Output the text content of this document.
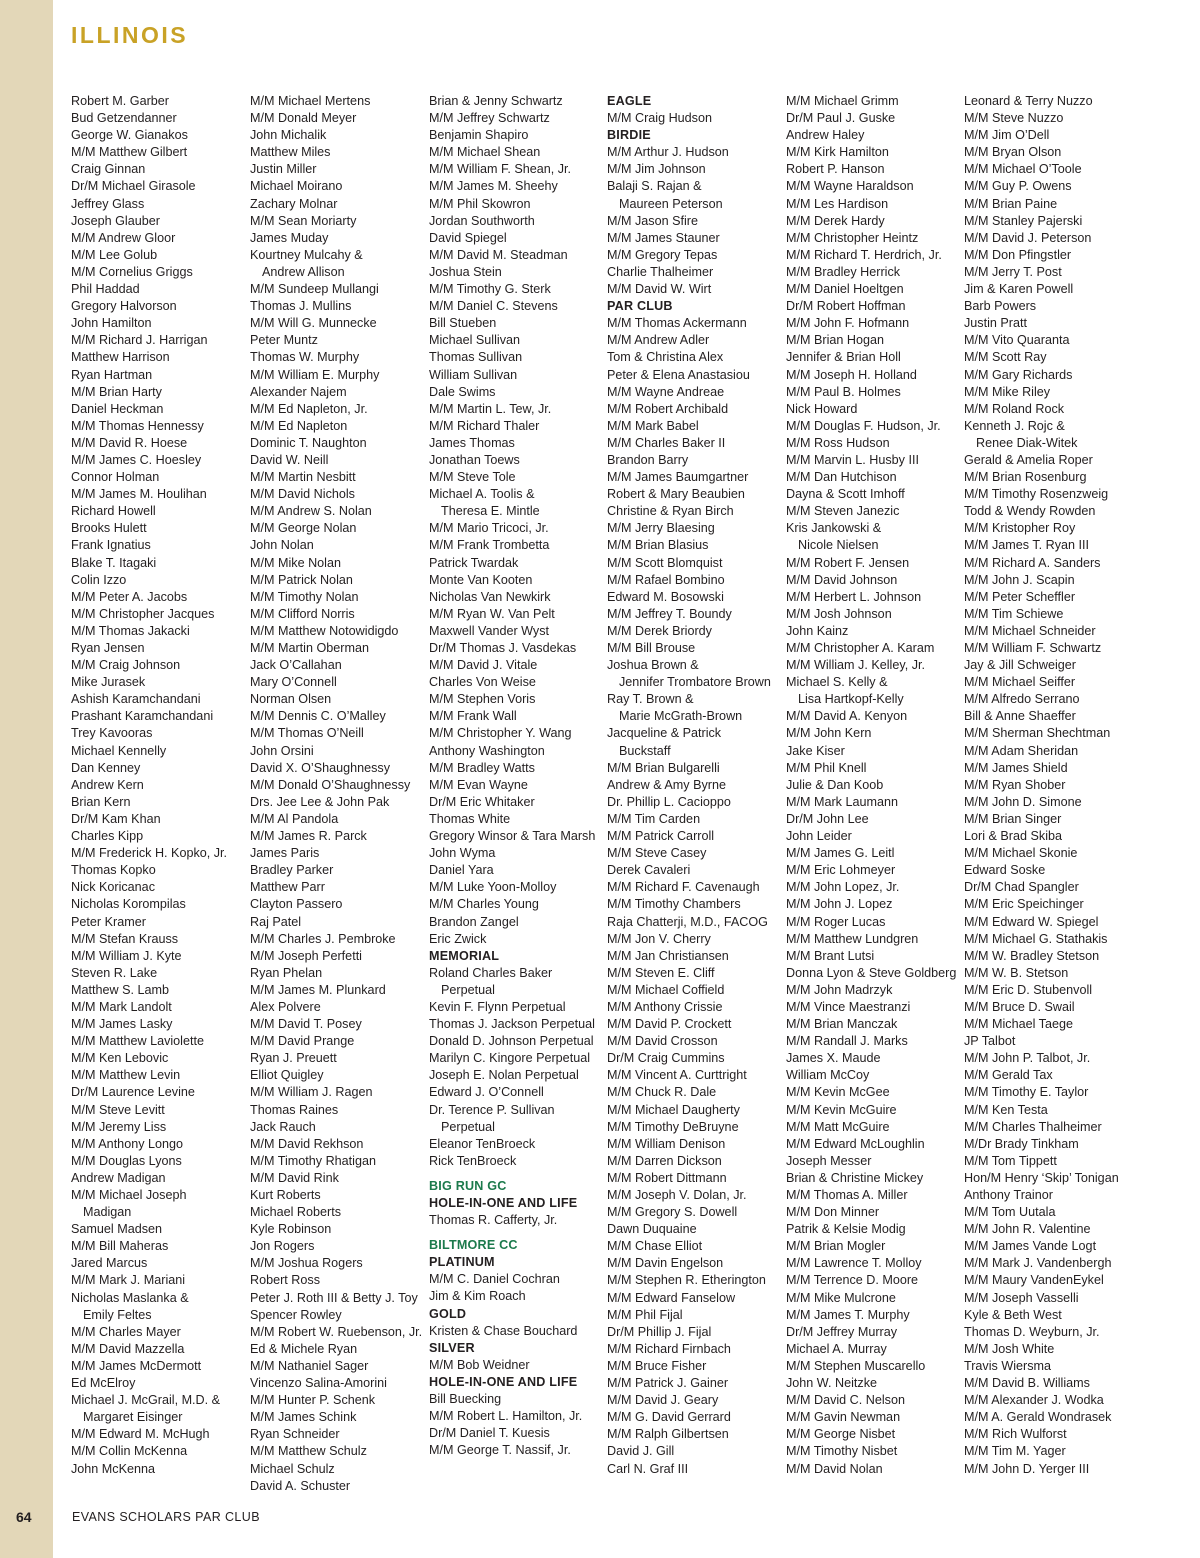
ILLINOIS
Robert M. Garber
Bud Getzendanner
George W. Gianakos
M/M Matthew Gilbert
Craig Ginnan
Dr/M Michael Girasole
Jeffrey Glass
Joseph Glauber
M/M Andrew Gloor
M/M Lee Golub
M/M Cornelius Griggs
Phil Haddad
Gregory Halvorson
John Hamilton
M/M Richard J. Harrigan
Matthew Harrison
Ryan Hartman
M/M Brian Harty
Daniel Heckman
M/M Thomas Hennessy
M/M David R. Hoese
M/M James C. Hoesley
Connor Holman
M/M James M. Houlihan
Richard Howell
Brooks Hulett
Frank Ignatius
Blake T. Itagaki
Colin Izzo
M/M Peter A. Jacobs
M/M Christopher Jacques
M/M Thomas Jakacki
Ryan Jensen
M/M Craig Johnson
Mike Jurasek
Ashish Karamchandani
Prashant Karamchandani
Trey Kavooras
Michael Kennelly
Dan Kenney
Andrew Kern
Brian Kern
Dr/M Kam Khan
Charles Kipp
M/M Frederick H. Kopko, Jr.
Thomas Kopko
Nick Koricanac
Nicholas Korompilas
Peter Kramer
M/M Stefan Krauss
M/M William J. Kyte
Steven R. Lake
Matthew S. Lamb
M/M Mark Landolt
M/M James Lasky
M/M Matthew Laviolette
M/M Ken Lebovic
M/M Matthew Levin
Dr/M Laurence Levine
M/M Steve Levitt
M/M Jeremy Liss
M/M Anthony Longo
M/M Douglas Lyons
Andrew Madigan
M/M Michael Joseph
Madigan
Samuel Madsen
M/M Bill Maheras
Jared Marcus
M/M Mark J. Mariani
Nicholas Maslanka &
Emily Feltes
M/M Charles Mayer
M/M David Mazzella
M/M James McDermott
Ed McElroy
Michael J. McGrail, M.D. &
Margaret Eisinger
M/M Edward M. McHugh
M/M Collin McKenna
John McKenna
M/M Michael Mertens
M/M Donald Meyer
John Michalik
Matthew Miles
Justin Miller
Michael Moirano
Zachary Molnar
M/M Sean Moriarty
James Muday
Kourtney Mulcahy &
Andrew Allison
M/M Sundeep Mullangi
Thomas J. Mullins
M/M Will G. Munnecke
Peter Muntz
Thomas W. Murphy
M/M William E. Murphy
Alexander Najem
M/M Ed Napleton, Jr.
M/M Ed Napleton
Dominic T. Naughton
David W. Neill
M/M Martin Nesbitt
M/M David Nichols
M/M Andrew S. Nolan
M/M George Nolan
John Nolan
M/M Mike Nolan
M/M Patrick Nolan
M/M Timothy Nolan
M/M Clifford Norris
M/M Matthew Notowidigdo
M/M Martin Oberman
Jack O’Callahan
Mary O’Connell
Norman Olsen
M/M Dennis C. O’Malley
M/M Thomas O’Neill
John Orsini
David X. O’Shaughnessy
M/M Donald O’Shaughnessy
Drs. Jee Lee & John Pak
M/M Al Pandola
M/M James R. Parck
James Paris
Bradley Parker
Matthew Parr
Clayton Passero
Raj Patel
M/M Charles J. Pembroke
M/M Joseph Perfetti
Ryan Phelan
M/M James M. Plunkard
Alex Polvere
M/M David T. Posey
M/M David Prange
Ryan J. Preuett
Elliot Quigley
M/M William J. Ragen
Thomas Raines
Jack Rauch
M/M David Rekhson
M/M Timothy Rhatigan
M/M David Rink
Kurt Roberts
Michael Roberts
Kyle Robinson
Jon Rogers
M/M Joshua Rogers
Robert Ross
Peter J. Roth III & Betty J. Toy
Spencer Rowley
M/M Robert W. Ruebenson, Jr.
Ed & Michele Ryan
M/M Nathaniel Sager
Vincenzo Salina-Amorini
M/M Hunter P. Schenk
M/M James Schink
Ryan Schneider
M/M Matthew Schulz
Michael Schulz
David A. Schuster
Brian & Jenny Schwartz
M/M Jeffrey Schwartz
Benjamin Shapiro
M/M Michael Shean
M/M William F. Shean, Jr.
M/M James M. Sheehy
M/M Phil Skowron
Jordan Southworth
David Spiegel
M/M David M. Steadman
Joshua Stein
M/M Timothy G. Sterk
M/M Daniel C. Stevens
Bill Stueben
Michael Sullivan
Thomas Sullivan
William Sullivan
Dale Swims
M/M Martin L. Tew, Jr.
M/M Richard Thaler
James Thomas
Jonathan Toews
M/M Steve Tole
Michael A. Toolis &
Theresa E. Mintle
M/M Mario Tricoci, Jr.
M/M Frank Trombetta
Patrick Twardak
Monte Van Kooten
Nicholas Van Newkirk
M/M Ryan W. Van Pelt
Maxwell Vander Wyst
Dr/M Thomas J. Vasdekas
M/M David J. Vitale
Charles Von Weise
M/M Stephen Voris
M/M Frank Wall
M/M Christopher Y. Wang
Anthony Washington
M/M Bradley Watts
M/M Evan Wayne
Dr/M Eric Whitaker
Thomas White
Gregory Winsor & Tara Marsh
John Wyma
Daniel Yara
M/M Luke Yoon-Molloy
M/M Charles Young
Brandon Zangel
Eric Zwick
MEMORIAL
Roland Charles Baker
Perpetual
Kevin F. Flynn Perpetual
Thomas J. Jackson Perpetual
Donald D. Johnson Perpetual
Marilyn C. Kingore Perpetual
Joseph E. Nolan Perpetual
Edward J. O’Connell
Dr. Terence P. Sullivan
Perpetual
Eleanor TenBroeck
Rick TenBroeck
BIG RUN GC
HOLE-IN-ONE AND LIFE
Thomas R. Cafferty, Jr.
BILTMORE CC
PLATINUM
M/M C. Daniel Cochran
Jim & Kim Roach
GOLD
Kristen & Chase Bouchard
SILVER
M/M Bob Weidner
HOLE-IN-ONE AND LIFE
Bill Buecking
M/M Robert L. Hamilton, Jr.
Dr/M Daniel T. Kuesis
M/M George T. Nassif, Jr.
EAGLE
M/M Craig Hudson
BIRDIE
M/M Arthur J. Hudson
M/M Jim Johnson
Balaji S. Rajan &
Maureen Peterson
M/M Jason Sfire
M/M James Stauner
M/M Gregory Tepas
Charlie Thalheimer
M/M David W. Wirt
PAR CLUB
M/M Thomas Ackermann
M/M Andrew Adler
Tom & Christina Alex
Peter & Elena Anastasiou
M/M Wayne Andreae
M/M Robert Archibald
M/M Mark Babel
M/M Charles Baker II
Brandon Barry
M/M James Baumgartner
Robert & Mary Beaubien
Christine & Ryan Birch
M/M Jerry Blaesing
M/M Brian Blasius
M/M Scott Blomquist
M/M Rafael Bombino
Edward M. Bosowski
M/M Jeffrey T. Boundy
M/M Derek Briordy
M/M Bill Brouse
Joshua Brown &
Jennifer Trombatore Brown
Ray T. Brown &
Marie McGrath-Brown
Jacqueline & Patrick
Buckstaff
M/M Brian Bulgarelli
Andrew & Amy Byrne
Dr. Phillip L. Cacioppo
M/M Tim Carden
M/M Patrick Carroll
M/M Steve Casey
Derek Cavaleri
M/M Richard F. Cavenaugh
M/M Timothy Chambers
Raja Chatterji, M.D., FACOG
M/M Jon V. Cherry
M/M Jan Christiansen
M/M Steven E. Cliff
M/M Michael Coffield
M/M Anthony Crissie
M/M David P. Crockett
M/M David Crosson
Dr/M Craig Cummins
M/M Vincent A. Curttright
M/M Chuck R. Dale
M/M Michael Daugherty
M/M Timothy DeBruyne
M/M William Denison
M/M Darren Dickson
M/M Robert Dittmann
M/M Joseph V. Dolan, Jr.
M/M Gregory S. Dowell
Dawn Duquaine
M/M Chase Elliot
M/M Davin Engelson
M/M Stephen R. Etherington
M/M Edward Fanselow
M/M Phil Fijal
Dr/M Phillip J. Fijal
M/M Richard Firnbach
M/M Bruce Fisher
M/M Patrick J. Gainer
M/M David J. Geary
M/M G. David Gerrard
M/M Ralph Gilbertsen
David J. Gill
Carl N. Graf III
M/M Michael Grimm
Dr/M Paul J. Guske
Andrew Haley
M/M Kirk Hamilton
Robert P. Hanson
M/M Wayne Haraldson
M/M Les Hardison
M/M Derek Hardy
M/M Christopher Heintz
M/M Richard T. Herdrich, Jr.
M/M Bradley Herrick
M/M Daniel Hoeltgen
Dr/M Robert Hoffman
M/M John F. Hofmann
M/M Brian Hogan
Jennifer & Brian Holl
M/M Joseph H. Holland
M/M Paul B. Holmes
Nick Howard
M/M Douglas F. Hudson, Jr.
M/M Ross Hudson
M/M Marvin L. Husby III
M/M Dan Hutchison
Dayna & Scott Imhoff
M/M Steven Janezic
Kris Jankowski &
Nicole Nielsen
M/M Robert F. Jensen
M/M David Johnson
M/M Herbert L. Johnson
M/M Josh Johnson
John Kainz
M/M Christopher A. Karam
M/M William J. Kelley, Jr.
Michael S. Kelly &
Lisa Hartkopf-Kelly
M/M David A. Kenyon
M/M John Kern
Jake Kiser
M/M Phil Knell
Julie & Dan Koob
M/M Mark Laumann
Dr/M John Lee
John Leider
M/M James G. Leitl
M/M Eric Lohmeyer
M/M John Lopez, Jr.
M/M John J. Lopez
M/M Roger Lucas
M/M Matthew Lundgren
M/M Brant Lutsi
Donna Lyon & Steve Goldberg
M/M John Madrzyk
M/M Vince Maestranzi
M/M Brian Manczak
M/M Randall J. Marks
James X. Maude
William McCoy
M/M Kevin McGee
M/M Kevin McGuire
M/M Matt McGuire
M/M Edward McLoughlin
Joseph Messer
Brian & Christine Mickey
M/M Thomas A. Miller
M/M Don Minner
Patrik & Kelsie Modig
M/M Brian Mogler
M/M Lawrence T. Molloy
M/M Terrence D. Moore
M/M Mike Mulcrone
M/M James T. Murphy
Dr/M Jeffrey Murray
Michael A. Murray
M/M Stephen Muscarello
John W. Neitzke
M/M David C. Nelson
M/M Gavin Newman
M/M George Nisbet
M/M Timothy Nisbet
M/M David Nolan
Leonard & Terry Nuzzo
M/M Steve Nuzzo
M/M Jim O’Dell
M/M Bryan Olson
M/M Michael O’Toole
M/M Guy P. Owens
M/M Brian Paine
M/M Stanley Pajerski
M/M David J. Peterson
M/M Don Pfingstler
M/M Jerry T. Post
Jim & Karen Powell
Barb Powers
Justin Pratt
M/M Vito Quaranta
M/M Scott Ray
M/M Gary Richards
M/M Mike Riley
M/M Roland Rock
Kenneth J. Rojc &
Renee Diak-Witek
Gerald & Amelia Roper
M/M Brian Rosenburg
M/M Timothy Rosenzweig
Todd & Wendy Rowden
M/M Kristopher Roy
M/M James T. Ryan III
M/M Richard A. Sanders
M/M John J. Scapin
M/M Peter Scheffler
M/M Tim Schiewe
M/M Michael Schneider
M/M William F. Schwartz
Jay & Jill Schweiger
M/M Michael Seiffer
M/M Alfredo Serrano
Bill & Anne Shaeffer
M/M Sherman Shechtman
M/M Adam Sheridan
M/M James Shield
M/M Ryan Shober
M/M John D. Simone
M/M Brian Singer
Lori & Brad Skiba
M/M Michael Skonie
Edward Soske
Dr/M Chad Spangler
M/M Eric Speichinger
M/M Edward W. Spiegel
M/M Michael G. Stathakis
M/M W. Bradley Stetson
M/M W. B. Stetson
M/M Eric D. Stubenvoll
M/M Bruce D. Swail
M/M Michael Taege
JP Talbot
M/M John P. Talbot, Jr.
M/M Gerald Tax
M/M Timothy E. Taylor
M/M Ken Testa
M/M Charles Thalheimer
M/Dr Brady Tinkham
M/M Tom Tippett
Hon/M Henry ‘Skip’ Tonigan
Anthony Trainor
M/M Tom Uutala
M/M John R. Valentine
M/M James Vande Logt
M/M Mark J. Vandenbergh
M/M Maury VandenEykel
M/M Joseph Vasselli
Kyle & Beth West
Thomas D. Weyburn, Jr.
M/M Josh White
Travis Wiersma
M/M David B. Williams
M/M Alexander J. Wodka
M/M A. Gerald Wondrasek
M/M Rich Wulforst
M/M Tim M. Yager
M/M John D. Yerger III
64	EVANS SCHOLARS PAR CLUB
